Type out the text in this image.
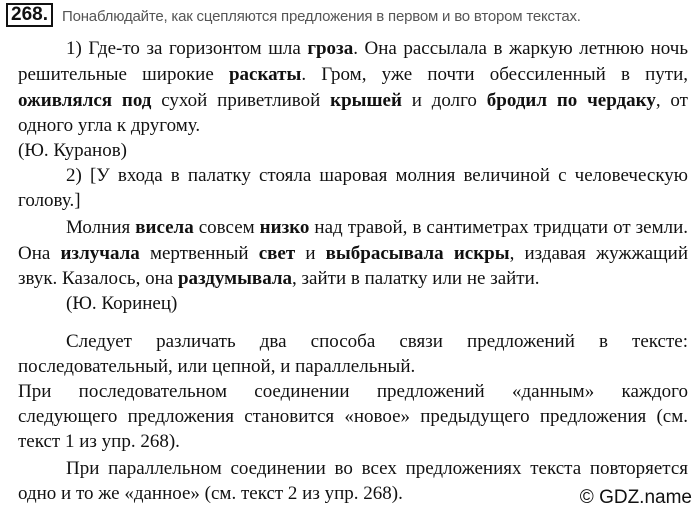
268. Понаблюдайте, как сцепляются предложения в первом и во втором текстах.
1) Где-то за горизонтом шла гроза. Она рассылала в жаркую летнюю ночь
решительные широкие раскаты. Гром, уже почти обессиленный в пути,
оживлялся под сухой приветливой крышей и долго бродил по чердаку, от
одного угла к другому.
(Ю. Куранов)
2) [У входа в палатку стояла шаровая молния величиной с человеческую
голову.]
Молния висела совсем низко над травой, в сантиметрах тридцати от земли.
Она излучала мертвенный свет и выбрасывала искры, издавая жужжащий
звук. Казалось, она раздумывала, зайти в палатку или не зайти.
(Ю. Коринец)
Следует различать два способа связи предложений в тексте:
последовательный, или цепной, и параллельный.
При последовательном соединении предложений «данным» каждого
следующего предложения становится «новое» предыдущего предложения (см.
текст 1 из упр. 268).
При параллельном соединении во всех предложениях текста повторяется
одно и то же «данное» (см. текст 2 из упр. 268).	© GDZ.name
